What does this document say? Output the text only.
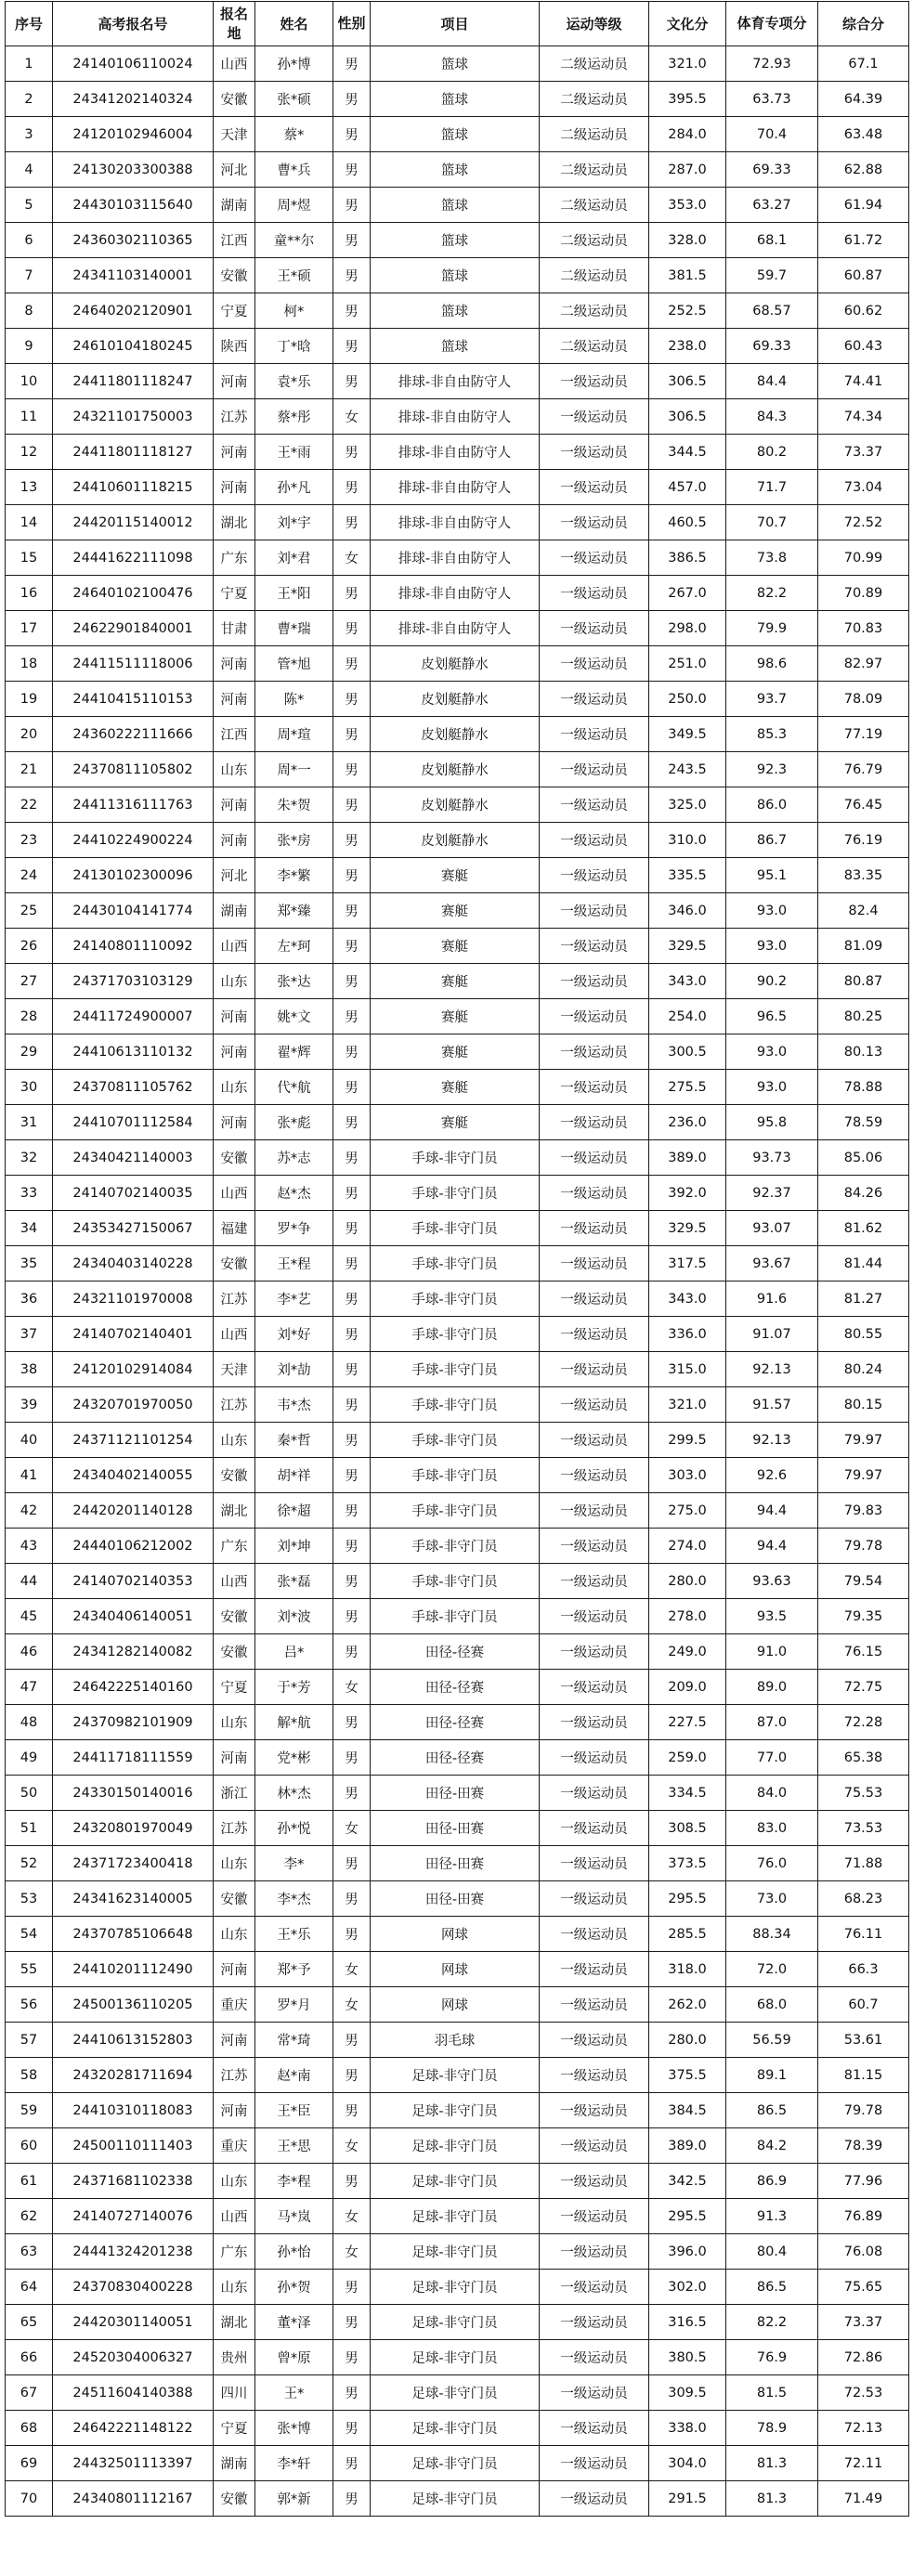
序号	高考报名号	报名地	姓名	性别	项目	运动等级	文化分	体育专项分	综合分
1	24140106110024	山西	孙*博	男	篮球	二级运动员	321.0	72.93	67.1
2	24341202140324	安徽	张*硕	男	篮球	二级运动员	395.5	63.73	64.39
3	24120102946004	天津	蔡*	男	篮球	二级运动员	284.0	70.4	63.48
4	24130203300388	河北	曹*兵	男	篮球	二级运动员	287.0	69.33	62.88
5	24430103115640	湖南	周*煜	男	篮球	二级运动员	353.0	63.27	61.94
6	24360302110365	江西	童**尔	男	篮球	二级运动员	328.0	68.1	61.72
7	24341103140001	安徽	王*硕	男	篮球	二级运动员	381.5	59.7	60.87
8	24640202120901	宁夏	柯*	男	篮球	二级运动员	252.5	68.57	60.62
9	24610104180245	陕西	丁*晗	男	篮球	二级运动员	238.0	69.33	60.43
10	24411801118247	河南	袁*乐	男	排球-非自由防守人	一级运动员	306.5	84.4	74.41
11	24321101750003	江苏	蔡*彤	女	排球-非自由防守人	一级运动员	306.5	84.3	74.34
12	24411801118127	河南	王*雨	男	排球-非自由防守人	一级运动员	344.5	80.2	73.37
13	24410601118215	河南	孙*凡	男	排球-非自由防守人	一级运动员	457.0	71.7	73.04
14	24420115140012	湖北	刘*宇	男	排球-非自由防守人	一级运动员	460.5	70.7	72.52
15	24441622111098	广东	刘*君	女	排球-非自由防守人	一级运动员	386.5	73.8	70.99
16	24640102100476	宁夏	王*阳	男	排球-非自由防守人	一级运动员	267.0	82.2	70.89
17	24622901840001	甘肃	曹*瑞	男	排球-非自由防守人	一级运动员	298.0	79.9	70.83
18	24411511118006	河南	管*旭	男	皮划艇静水	一级运动员	251.0	98.6	82.97
19	24410415110153	河南	陈*	男	皮划艇静水	一级运动员	250.0	93.7	78.09
20	24360222111666	江西	周*瑄	男	皮划艇静水	一级运动员	349.5	85.3	77.19
21	24370811105802	山东	周*一	男	皮划艇静水	一级运动员	243.5	92.3	76.79
22	24411316111763	河南	朱*贺	男	皮划艇静水	一级运动员	325.0	86.0	76.45
23	24410224900224	河南	张*房	男	皮划艇静水	一级运动员	310.0	86.7	76.19
24	24130102300096	河北	李*繁	男	赛艇	一级运动员	335.5	95.1	83.35
25	24430104141774	湖南	郑*臻	男	赛艇	一级运动员	346.0	93.0	82.4
26	24140801110092	山西	左*珂	男	赛艇	一级运动员	329.5	93.0	81.09
27	24371703103129	山东	张*达	男	赛艇	一级运动员	343.0	90.2	80.87
28	24411724900007	河南	姚*文	男	赛艇	一级运动员	254.0	96.5	80.25
29	24410613110132	河南	翟*辉	男	赛艇	一级运动员	300.5	93.0	80.13
30	24370811105762	山东	代*航	男	赛艇	一级运动员	275.5	93.0	78.88
31	24410701112584	河南	张*彪	男	赛艇	一级运动员	236.0	95.8	78.59
32	24340421140003	安徽	苏*志	男	手球-非守门员	一级运动员	389.0	93.73	85.06
33	24140702140035	山西	赵*杰	男	手球-非守门员	一级运动员	392.0	92.37	84.26
34	24353427150067	福建	罗*争	男	手球-非守门员	一级运动员	329.5	93.07	81.62
35	24340403140228	安徽	王*程	男	手球-非守门员	一级运动员	317.5	93.67	81.44
36	24321101970008	江苏	李*艺	男	手球-非守门员	一级运动员	343.0	91.6	81.27
37	24140702140401	山西	刘*好	男	手球-非守门员	一级运动员	336.0	91.07	80.55
38	24120102914084	天津	刘*劼	男	手球-非守门员	一级运动员	315.0	92.13	80.24
39	24320701970050	江苏	韦*杰	男	手球-非守门员	一级运动员	321.0	91.57	80.15
40	24371121101254	山东	秦*哲	男	手球-非守门员	一级运动员	299.5	92.13	79.97
41	24340402140055	安徽	胡*祥	男	手球-非守门员	一级运动员	303.0	92.6	79.97
42	24420201140128	湖北	徐*超	男	手球-非守门员	一级运动员	275.0	94.4	79.83
43	24440106212002	广东	刘*坤	男	手球-非守门员	一级运动员	274.0	94.4	79.78
44	24140702140353	山西	张*磊	男	手球-非守门员	一级运动员	280.0	93.63	79.54
45	24340406140051	安徽	刘*波	男	手球-非守门员	一级运动员	278.0	93.5	79.35
46	24341282140082	安徽	吕*	男	田径-径赛	一级运动员	249.0	91.0	76.15
47	24642225140160	宁夏	于*芳	女	田径-径赛	一级运动员	209.0	89.0	72.75
48	24370982101909	山东	解*航	男	田径-径赛	一级运动员	227.5	87.0	72.28
49	24411718111559	河南	党*彬	男	田径-径赛	一级运动员	259.0	77.0	65.38
50	24330150140016	浙江	林*杰	男	田径-田赛	一级运动员	334.5	84.0	75.53
51	24320801970049	江苏	孙*悦	女	田径-田赛	一级运动员	308.5	83.0	73.53
52	24371723400418	山东	李*	男	田径-田赛	一级运动员	373.5	76.0	71.88
53	24341623140005	安徽	李*杰	男	田径-田赛	一级运动员	295.5	73.0	68.23
54	24370785106648	山东	王*乐	男	网球	一级运动员	285.5	88.34	76.11
55	24410201112490	河南	郑*予	女	网球	一级运动员	318.0	72.0	66.3
56	24500136110205	重庆	罗*月	女	网球	一级运动员	262.0	68.0	60.7
57	24410613152803	河南	常*琦	男	羽毛球	一级运动员	280.0	56.59	53.61
58	24320281711694	江苏	赵*南	男	足球-非守门员	一级运动员	375.5	89.1	81.15
59	24410310118083	河南	王*臣	男	足球-非守门员	一级运动员	384.5	86.5	79.78
60	24500110111403	重庆	王*思	女	足球-非守门员	一级运动员	389.0	84.2	78.39
61	24371681102338	山东	李*程	男	足球-非守门员	一级运动员	342.5	86.9	77.96
62	24140727140076	山西	马*岚	女	足球-非守门员	一级运动员	295.5	91.3	76.89
63	24441324201238	广东	孙*怡	女	足球-非守门员	一级运动员	396.0	80.4	76.08
64	24370830400228	山东	孙*贺	男	足球-非守门员	一级运动员	302.0	86.5	75.65
65	24420301140051	湖北	董*泽	男	足球-非守门员	一级运动员	316.5	82.2	73.37
66	24520304006327	贵州	曾*原	男	足球-非守门员	一级运动员	380.5	76.9	72.86
67	24511604140388	四川	王*	男	足球-非守门员	一级运动员	309.5	81.5	72.53
68	24642221148122	宁夏	张*博	男	足球-非守门员	一级运动员	338.0	78.9	72.13
69	24432501113397	湖南	李*轩	男	足球-非守门员	一级运动员	304.0	81.3	72.11
70	24340801112167	安徽	郭*新	男	足球-非守门员	一级运动员	291.5	81.3	71.49
